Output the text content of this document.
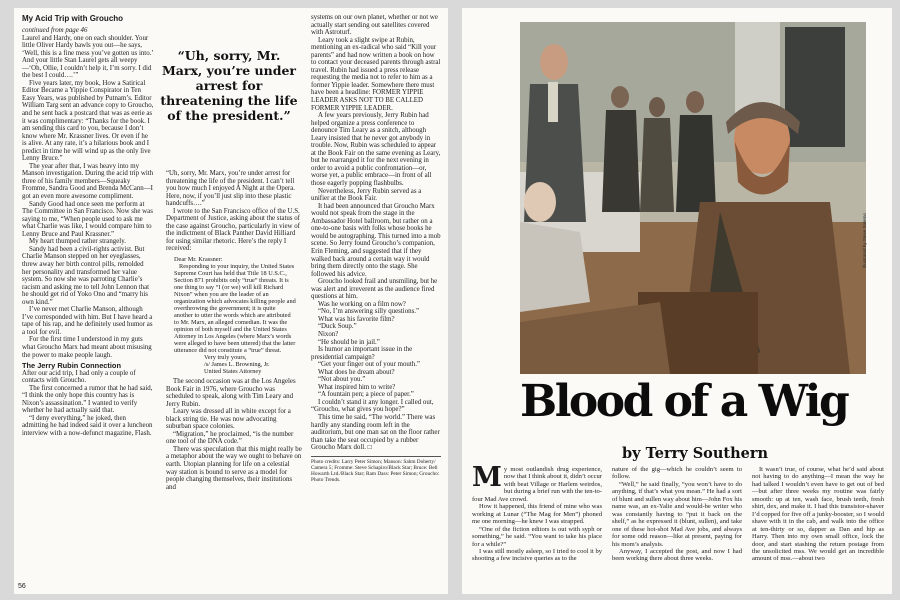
My Acid Trip with Groucho

continued from page 46

Laurel and Hardy, one on each shoulder. Your little Oliver Hardy bawls you out—he says, ‘Well, this is a fine mess you’ve gotten us into.’ And your little Stan Laurel gets all weepy—‘Oh, Ollie, I couldn’t help it, I’m sorry. I did the best I could….’”

Five years later, my book, How a Satirical Editor Became a Yippie Conspirator in Ten Easy Years, was published by Putnam’s. Editor William Targ sent an advance copy to Groucho, and he sent back a postcard that was as eerie as it was complimentary: “Thanks for the book. I am sending this card to you, because I don’t know where Mr. Krassner lives. Or even if he is alive. At any rate, it’s a hilarious book and I predict in time he will wind up as the only live Lenny Bruce.”

The year after that, I was heavy into my Manson investigation. During the acid trip with three of his family members—Squeaky Fromme, Sandra Good and Brenda McCann—I got an even more awesome compliment.

Sandy Good had once seen me perform at The Committee in San Francisco. Now she was saying to me, “When people used to ask me what Charlie was like, I would compare him to Lenny Bruce and Paul Krassner.”

My heart thumped rather strangely.

Sandy had been a civil-rights activist. But Charlie Manson stepped on her eyeglasses, threw away her birth control pills, remolded her personality and transformed her value system. So now she was parroting Charlie’s racism and asking me to tell John Lennon that he should get rid of Yoko Ono and “marry his own kind.”

I’ve never met Charlie Manson, although I’ve corresponded with him. But I have heard a tape of his rap, and he definitely used humor as a tool for evil.

For the first time I understood in my guts what Groucho Marx had meant about misusing the power to make people laugh.

The Jerry Rubin Connection

After our acid trip, I had only a couple of contacts with Groucho.

The first concerned a rumor that he had said, “I think the only hope this country has is Nixon’s assassination.” I wanted to verify whether he had actually said that.

“I deny everything,” he joked, then admitting he had indeed said it over a luncheon interview with a now-defunct magazine, Flash.

“Uh, sorry, Mr. Marx, you’re under arrest for threatening the life of the president.”

“Uh, sorry, Mr. Marx, you’re under arrest for threatening the life of the president. I can’t tell you how much I enjoyed A Night at the Opera. Here, now, if you’ll just slip into these plastic handcuffs….”

I wrote to the San Francisco office of the U.S. Department of Justice, asking about the status of the case against Groucho, particularly in view of the indictment of Black Panther David Hilliard for using similar rhetoric. Here’s the reply I received:

Dear Mr. Krassner:

Responding to your inquiry, the United States Supreme Court has held that Title 18 U.S.C., Section 871 prohibits only “true” threats. It is one thing to say “I (or we) will kill Richard Nixon” when you are the leader of an organization which advocates killing people and overthrowing the government; it is quite another to utter the words which are attributed to Mr. Marx, an alleged comedian. It was the opinion of both myself and the United States Attorney in Los Angeles (where Marx’s words were alleged to have been uttered) that the latter utterance did not constitute a “true” threat.

Very truly yours,

/s/ James L. Browning, Jr.

United States Attorney

The second occasion was at the Los Angeles Book Fair in 1976, where Groucho was scheduled to speak, along with Tim Leary and Jerry Rubin.

Leary was dressed all in white except for a black string tie. He was now advocating suburban space colonies.

“Migration,” he proclaimed, “is the number one tool of the DNA code.”

There was speculation that this might really be a metaphor about the way we ought to behave on earth. Utopian planning for life on a celestial way station is bound to serve as a model for people changing themselves, their institutions and

systems on our own planet, whether or not we actually start sending out satellites covered with Astroturf.

Leary took a slight swipe at Rubin, mentioning an ex-radical who said “Kill your parents” and had now written a book on how to contact your deceased parents through astral travel. Rubin had issued a press release requesting the media not to refer to him as a former Yippie leader. Somewhere there must have been a headline: FORMER YIPPIE LEADER ASKS NOT TO BE CALLED FORMER YIPPIE LEADER.

A few years previously, Jerry Rubin had helped organize a press conference to denounce Tim Leary as a snitch, although Leary insisted that he never got anybody in trouble. Now, Rubin was scheduled to appear at the Book Fair on the same evening as Leary, but he rearranged it for the next evening in order to avoid a public confrontation—or, worse yet, a public embrace—in front of all those eagerly popping flashbulbs.

Nevertheless, Jerry Rubin served as a unifier at the Book Fair.

It had been announced that Groucho Marx would not speak from the stage in the Ambassador Hotel ballroom, but rather on a one-to-one basis with folks whose books he would be autographing. This turned into a mob scene. So Jerry found Groucho’s companion, Erin Fleming, and suggested that if they walked back around a certain way it would bring them directly onto the stage. She followed his advice.

Groucho looked frail and unsmiling, but he was alert and irreverent as the audience fired questions at him.

Was he working on a film now?

“No, I’m answering silly questions.”

What was his favorite film?

“Duck Soup.”

Nixon?

“He should be in jail.”

Is humor an important issue in the presidential campaign?

“Get your finger out of your mouth.”

What does he dream about?

“Not about you.”

What inspired him to write?

“A fountain pen; a piece of paper.”

I couldn’t stand it any longer. I called out, “Groucho, what gives you hope?”

This time he said, “The world.” There was hardly any standing room left in the auditorium, but one man sat on the floor rather than take the seat occupied by a rubber Groucho Marx doll. □

Photo credits: Larry Peter Simon; Manson: Sahm Doherty/ Camera 5; Fromme: Steve Schapiro/Black Star; Bruce: Bell Howarth Ltd./Black Star; Ram Dass: Peter Simon; Groucho: Photo Trends.

56
Illustrated by Steve Salerno
Blood of a Wig
by Terry Southern

My most outlandish drug experience, now that I think about it, didn’t occur with beat Village or Harlem weirdos, but during a brief run with the ten-to-four Mad Ave crowd.

How it happened, this friend of mine who was working at Lunar (“The Mag for Men”) phoned me one morning—he knew I was strapped.

“One of the fiction editors is out with syph or something,” he said. “You want to take his place for a while?”

I was still mostly asleep, so I tried to cool it by shooting a few incisive queries as to the

nature of the gig—which he couldn’t seem to follow.

“Well,” he said finally, “you won’t have to do anything, if that’s what you mean.” He had a sort of blunt and sullen way about him—John Fox his name was, an ex-Yalie and would-be writer who was constantly having to “put it back on the shelf,” as he expressed it (blunt, sullen), and take one of these hot-shot Mad Ave jobs, and always for some odd reason—like at present, paying for his mom’s analysis.

Anyway, I accepted the post, and now I had been working there about three weeks.

It wasn’t true, of course, what he’d said about not having to do anything—I mean the way he had talked I wouldn’t even have to get out of bed—but after three weeks my routine was fairly smooth: up at ten, wash face, brush teeth, fresh shirt, dex, and make it. I had this transistor-shaver I’d copped for five off a junky-booster, so I would shave with it in the cab, and walk into the office at ten-thirty or so, dapper as Dan and hip as Harry. Then into my own small office, lock the door, and start stashing the return postage from the unsolicited mss. We would get an incredible amount of mss.—about two
